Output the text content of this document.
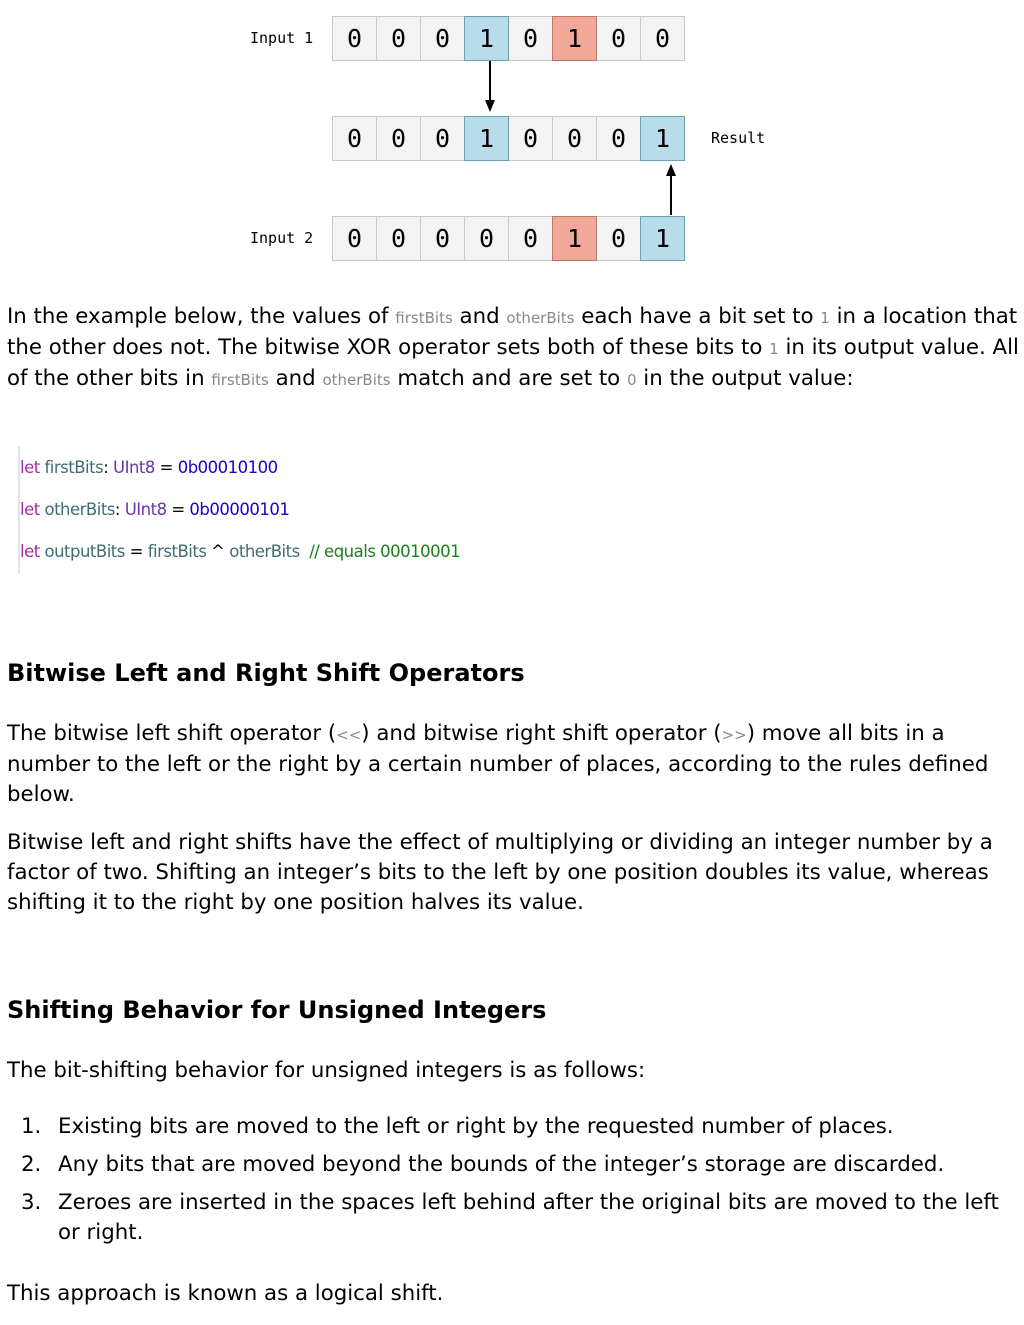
Input 1	0	0	0	1	0	1	0	0
0	0	0	1	0	0	0	1	Result
Input 2	0	0	0	0	0	1	0	1

In the example below, the values of firstBits and otherBits each have a bit set to 1 in a location that the other does not. The bitwise XOR operator sets both of these bits to 1 in its output value. All of the other bits in firstBits and otherBits match and are set to 0 in the output value:

let firstBits: UInt8 = 0b00010100
let otherBits: UInt8 = 0b00000101
let outputBits = firstBits ^ otherBits // equals 00010001
Bitwise Left and Right Shift Operators

The bitwise left shift operator (<<) and bitwise right shift operator (>>) move all bits in a number to the left or the right by a certain number of places, according to the rules defined below.

Bitwise left and right shifts have the effect of multiplying or dividing an integer number by a factor of two. Shifting an integer’s bits to the left by one position doubles its value, whereas shifting it to the right by one position halves its value.

Shifting Behavior for Unsigned Integers

The bit-shifting behavior for unsigned integers is as follows:

1. Existing bits are moved to the left or right by the requested number of places.
2. Any bits that are moved beyond the bounds of the integer’s storage are discarded.
3. Zeroes are inserted in the spaces left behind after the original bits are moved to the left or right.

This approach is known as a logical shift.
